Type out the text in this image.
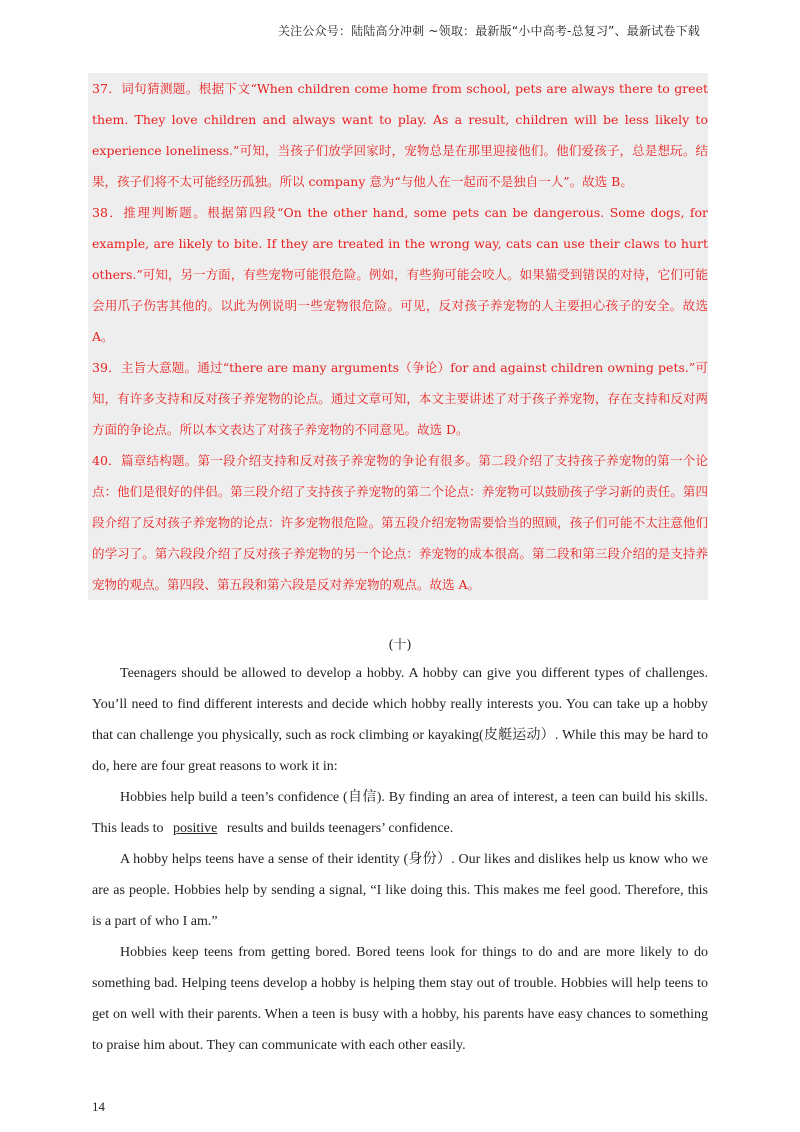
关注公众号：陆陆高分冲刺 ~领取：最新版“小中高考-总复习”、最新试卷下载

37．词句猜测题。根据下文“When children come home from school, pets are always there to greet them. They love children and always want to play. As a result, children will be less likely to experience loneliness.”可知，当孩子们放学回家时，宠物总是在那里迎接他们。他们爱孩子，总是想玩。结果，孩子们将不太可能经历孤独。所以 company 意为“与他人在一起而不是独自一人”。故选 B。

38．推理判断题。根据第四段“On the other hand, some pets can be dangerous. Some dogs, for example, are likely to bite. If they are treated in the wrong way, cats can use their claws to hurt others.”可知，另一方面，有些宠物可能很危险。例如，有些狗可能会咬人。如果猫受到错误的对待，它们可能会用爪子伤害其他的。以此为例说明一些宠物很危险。可见，反对孩子养宠物的人主要担心孩子的安全。故选 A。

39．主旨大意题。通过“there are many arguments（争论）for and against children owning pets.”可知，有许多支持和反对孩子养宠物的论点。通过文章可知，本文主要讲述了对于孩子养宠物，存在支持和反对两方面的争论点。所以本文表达了对孩子养宠物的不同意见。故选 D。

40．篇章结构题。第一段介绍支持和反对孩子养宠物的争论有很多。第二段介绍了支持孩子养宠物的第一个论点：他们是很好的伴侣。第三段介绍了支持孩子养宠物的第二个论点：养宠物可以鼓励孩子学习新的责任。第四段介绍了反对孩子养宠物的论点：许多宠物很危险。第五段介绍宠物需要恰当的照顾，孩子们可能不太注意他们的学习了。第六段段介绍了反对孩子养宠物的另一个论点：养宠物的成本很高。第二段和第三段介绍的是支持养宠物的观点。第四段、第五段和第六段是反对养宠物的观点。故选 A。

(十)

Teenagers should be allowed to develop a hobby. A hobby can give you different types of challenges. You’ll need to find different interests and decide which hobby really interests you. You can take up a hobby that can challenge you physically, such as rock climbing or kayaking(皮艇运动）. While this may be hard to do, here are four great reasons to work it in:

Hobbies help build a teen’s confidence (自信). By finding an area of interest, a teen can build his skills. This leads to positive results and builds teenagers’ confidence.

A hobby helps teens have a sense of their identity (身份）. Our likes and dislikes help us know who we are as people. Hobbies help by sending a signal, “I like doing this. This makes me feel good. Therefore, this is a part of who I am.”

Hobbies keep teens from getting bored. Bored teens look for things to do and are more likely to do something bad. Helping teens develop a hobby is helping them stay out of trouble. Hobbies will help teens to get on well with their parents. When a teen is busy with a hobby, his parents have easy chances to something to praise him about. They can communicate with each other easily.

14
